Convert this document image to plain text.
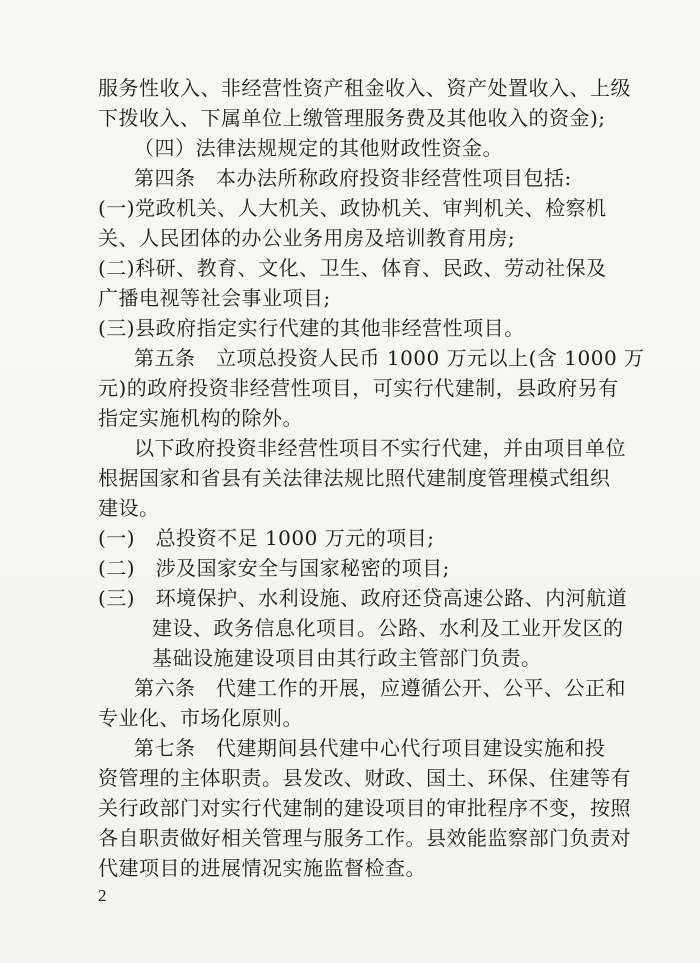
服务性收入、非经营性资产租金收入、资产处置收入、上级
下拨收入、下属单位上缴管理服务费及其他收入的资金);
（四）法律法规规定的其他财政性资金。
第四条　本办法所称政府投资非经营性项目包括:
(一)党政机关、人大机关、政协机关、审判机关、检察机
关、人民团体的办公业务用房及培训教育用房;
(二)科研、教育、文化、卫生、体育、民政、劳动社保及
广播电视等社会事业项目;
(三)县政府指定实行代建的其他非经营性项目。
第五条　立项总投资人民币 1000 万元以上(含 1000 万
元)的政府投资非经营性项目，可实行代建制，县政府另有
指定实施机构的除外。
以下政府投资非经营性项目不实行代建，并由项目单位
根据国家和省县有关法律法规比照代建制度管理模式组织
建设。
(一)　总投资不足 1000 万元的项目;
(二)　涉及国家安全与国家秘密的项目;
(三)　环境保护、水利设施、政府还贷高速公路、内河航道
建设、政务信息化项目。公路、水利及工业开发区的
基础设施建设项目由其行政主管部门负责。
第六条　代建工作的开展，应遵循公开、公平、公正和
专业化、市场化原则。
第七条　代建期间县代建中心代行项目建设实施和投
资管理的主体职责。县发改、财政、国土、环保、住建等有
关行政部门对实行代建制的建设项目的审批程序不变，按照
各自职责做好相关管理与服务工作。县效能监察部门负责对
代建项目的进展情况实施监督检查。
2
